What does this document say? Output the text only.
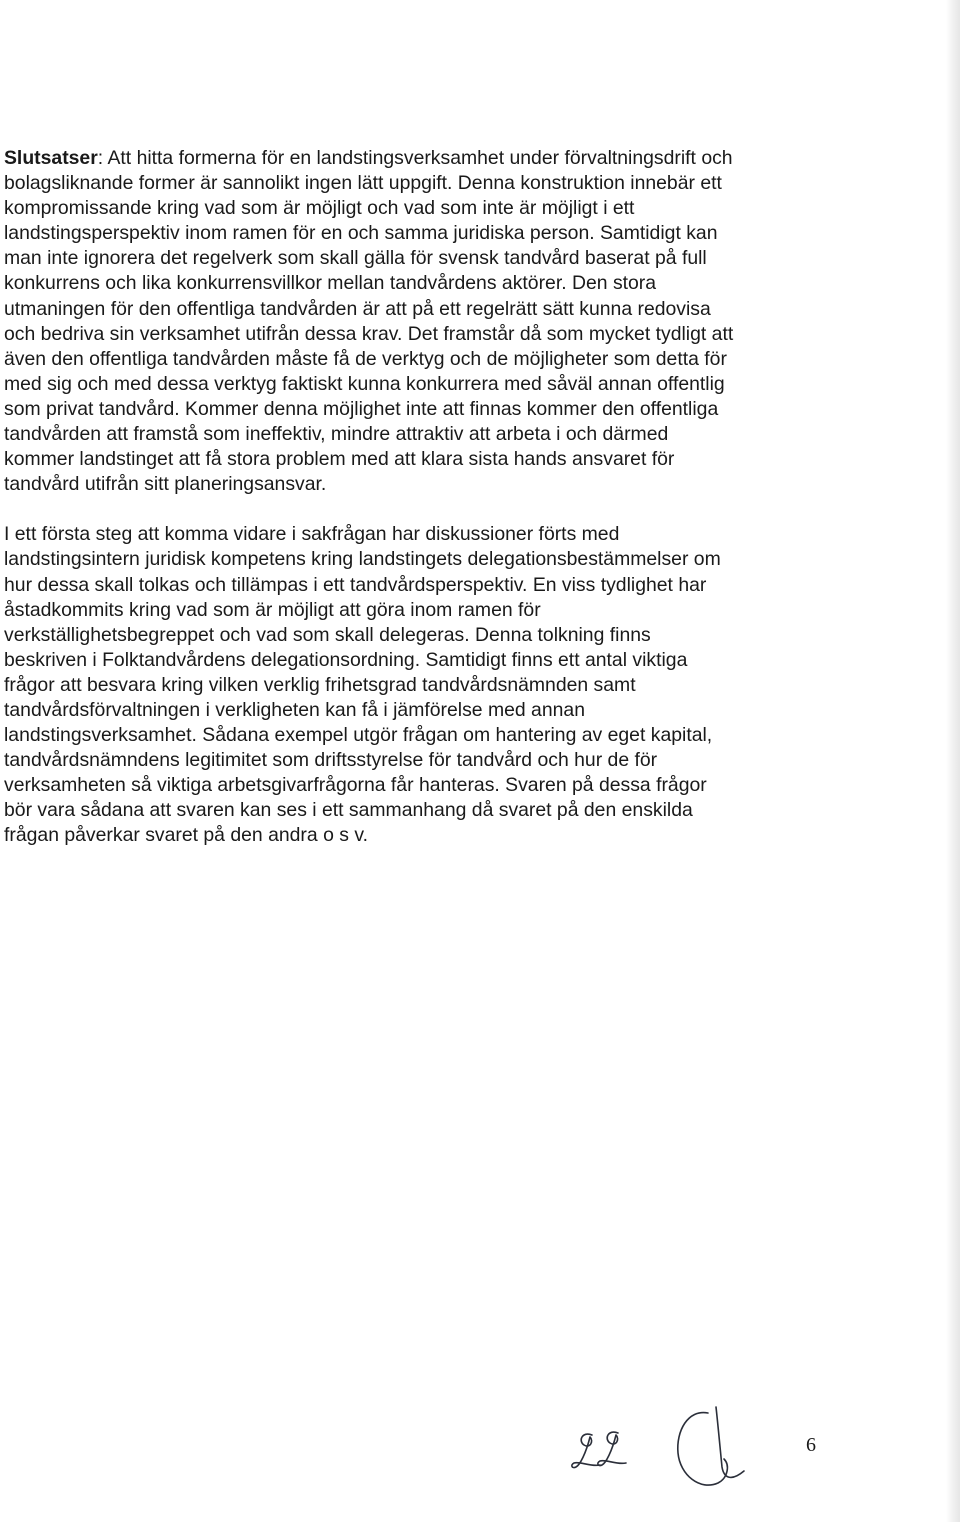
Slutsatser: Att hitta formerna för en landstingsverksamhet under förvaltningsdrift och
bolagsliknande former är sannolikt ingen lätt uppgift. Denna konstruktion innebär ett
kompromissande kring vad som är möjligt och vad som inte är möjligt i ett
landstingsperspektiv inom ramen för en och samma juridiska person. Samtidigt kan
man inte ignorera det regelverk som skall gälla för svensk tandvård baserat på full
konkurrens och lika konkurrensvillkor mellan tandvårdens aktörer. Den stora
utmaningen för den offentliga tandvården är att på ett regelrätt sätt kunna redovisa
och bedriva sin verksamhet utifrån dessa krav. Det framstår då som mycket tydligt att
även den offentliga tandvården måste få de verktyg och de möjligheter som detta för
med sig och med dessa verktyg faktiskt kunna konkurrera med såväl annan offentlig
som privat tandvård. Kommer denna möjlighet inte att finnas kommer den offentliga
tandvården att framstå som ineffektiv, mindre attraktiv att arbeta i och därmed
kommer landstinget att få stora problem med att klara sista hands ansvaret för
tandvård utifrån sitt planeringsansvar.

I ett första steg att komma vidare i sakfrågan har diskussioner förts med
landstingsintern juridisk kompetens kring landstingets delegationsbestämmelser om
hur dessa skall tolkas och tillämpas i ett tandvårdsperspektiv. En viss tydlighet har
åstadkommits kring vad som är möjligt att göra inom ramen för
verkställighetsbegreppet och vad som skall delegeras. Denna tolkning finns
beskriven i Folktandvårdens delegationsordning. Samtidigt finns ett antal viktiga
frågor att besvara kring vilken verklig frihetsgrad tandvårdsnämnden samt
tandvårdsförvaltningen i verkligheten kan få i jämförelse med annan
landstingsverksamhet. Sådana exempel utgör frågan om hantering av eget kapital,
tandvårdsnämndens legitimitet som driftsstyrelse för tandvård och hur de för
verksamheten så viktiga arbetsgivarfrågorna får hanteras. Svaren på dessa frågor
bör vara sådana att svaren kan ses i ett sammanhang då svaret på den enskilda
frågan påverkar svaret på den andra o s v.

6
